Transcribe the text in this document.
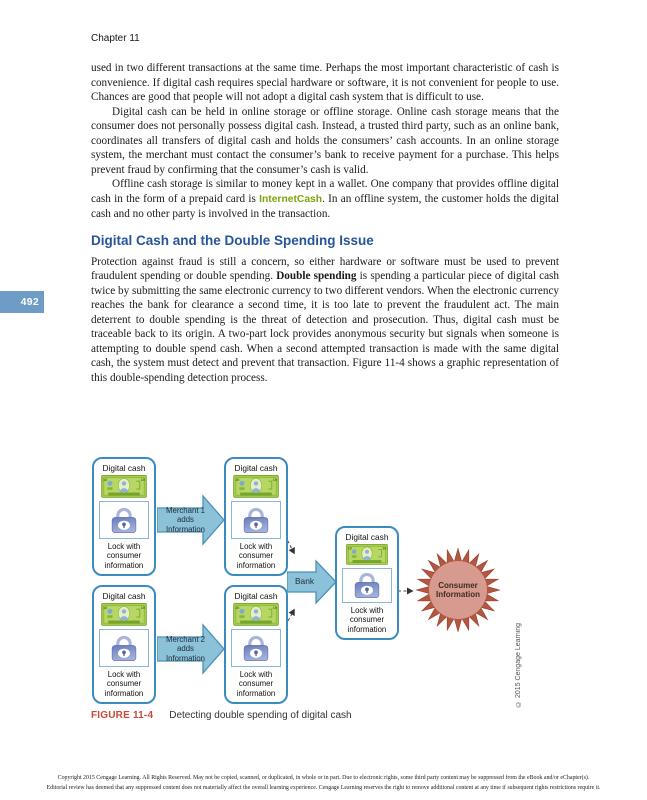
Chapter 11
492

used in two different transactions at the same time. Perhaps the most important characteristic of cash is convenience. If digital cash requires special hardware or software, it is not convenient for people to use. Chances are good that people will not adopt a digital cash system that is difficult to use.

Digital cash can be held in online storage or offline storage. Online cash storage means that the consumer does not personally possess digital cash. Instead, a trusted third party, such as an online bank, coordinates all transfers of digital cash and holds the consumers’ cash accounts. In an online storage system, the merchant must contact the consumer’s bank to receive payment for a purchase. This helps prevent fraud by confirming that the consumer’s cash is valid.

Offline cash storage is similar to money kept in a wallet. One company that provides offline digital cash in the form of a prepaid card is InternetCash. In an offline system, the customer holds the digital cash and no other party is involved in the transaction.

Digital Cash and the Double Spending Issue

Protection against fraud is still a concern, so either hardware or software must be used to prevent fraudulent spending or double spending. Double spending is spending a particular piece of digital cash twice by submitting the same electronic currency to two different vendors. When the electronic currency reaches the bank for clearance a second time, it is too late to prevent the fraudulent act. The main deterrent to double spending is the threat of detection and prosecution. Thus, digital cash must be traceable back to its origin. A two-part lock provides anonymous security but signals when someone is attempting to double spend cash. When a second attempted transaction is made with the same digital cash, the system must detect and prevent that transaction. Figure 11-4 shows a graphic representation of this double-spending detection process.

Digital cash
Lock with consumer information
Merchant 1
adds
Information
Digital cash
Lock with consumer information
Digital cash
Lock with consumer information
Merchant 2
adds
Information
Digital cash
Lock with consumer information
Bank
Digital cash
Lock with consumer information
Consumer Information
© 2015 Cengage Learning
FIGURE 11-4 Detecting double spending of digital cash
Copyright 2015 Cengage Learning. All Rights Reserved. May not be copied, scanned, or duplicated, in whole or in part. Due to electronic rights, some third party content may be suppressed from the eBook and/or eChapter(s).
Editorial review has deemed that any suppressed content does not materially affect the overall learning experience. Cengage Learning reserves the right to remove additional content at any time if subsequent rights restrictions require it.
